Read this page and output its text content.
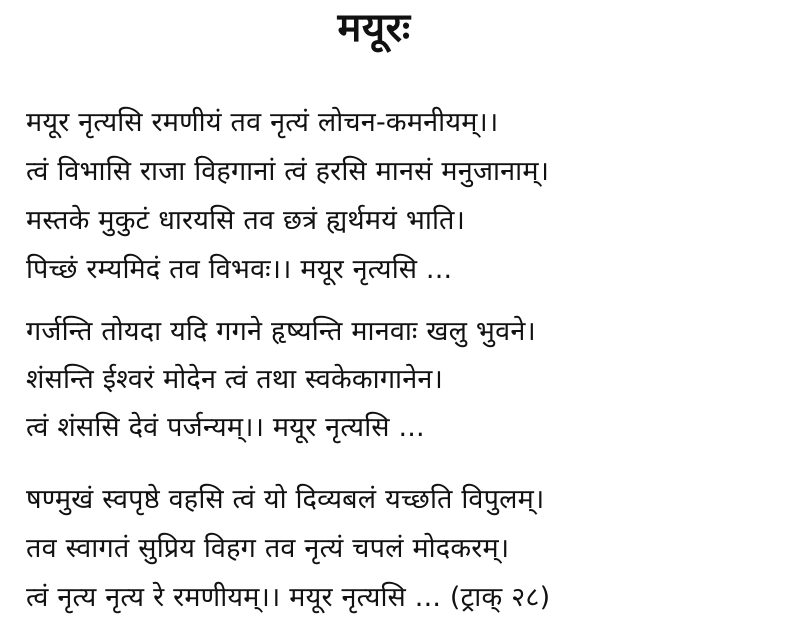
मयूरः
मयूर नृत्यसि रमणीयं तव नृत्यं लोचन-कमनीयम्।।
त्वं विभासि राजा विहगानां त्वं हरसि मानसं मनुजानाम्।
मस्तके मुकुटं धारयसि तव छत्रं ह्यर्थमयं भाति।
पिच्छं रम्यमिदं तव विभवः।। मयूर नृत्यसि ...
गर्जन्ति तोयदा यदि गगने हृष्यन्ति मानवाः खलु भुवने।
शंसन्ति ईश्वरं मोदेन त्वं तथा स्वकेकागानेन।
त्वं शंससि देवं पर्जन्यम्।। मयूर नृत्यसि ...
षण्मुखं स्वपृष्ठे वहसि त्वं यो दिव्यबलं यच्छति विपुलम्।
तव स्वागतं सुप्रिय विहग तव नृत्यं चपलं मोदकरम्।
त्वं नृत्य नृत्य रे रमणीयम्।। मयूर नृत्यसि ... (ट्राक् २८)
